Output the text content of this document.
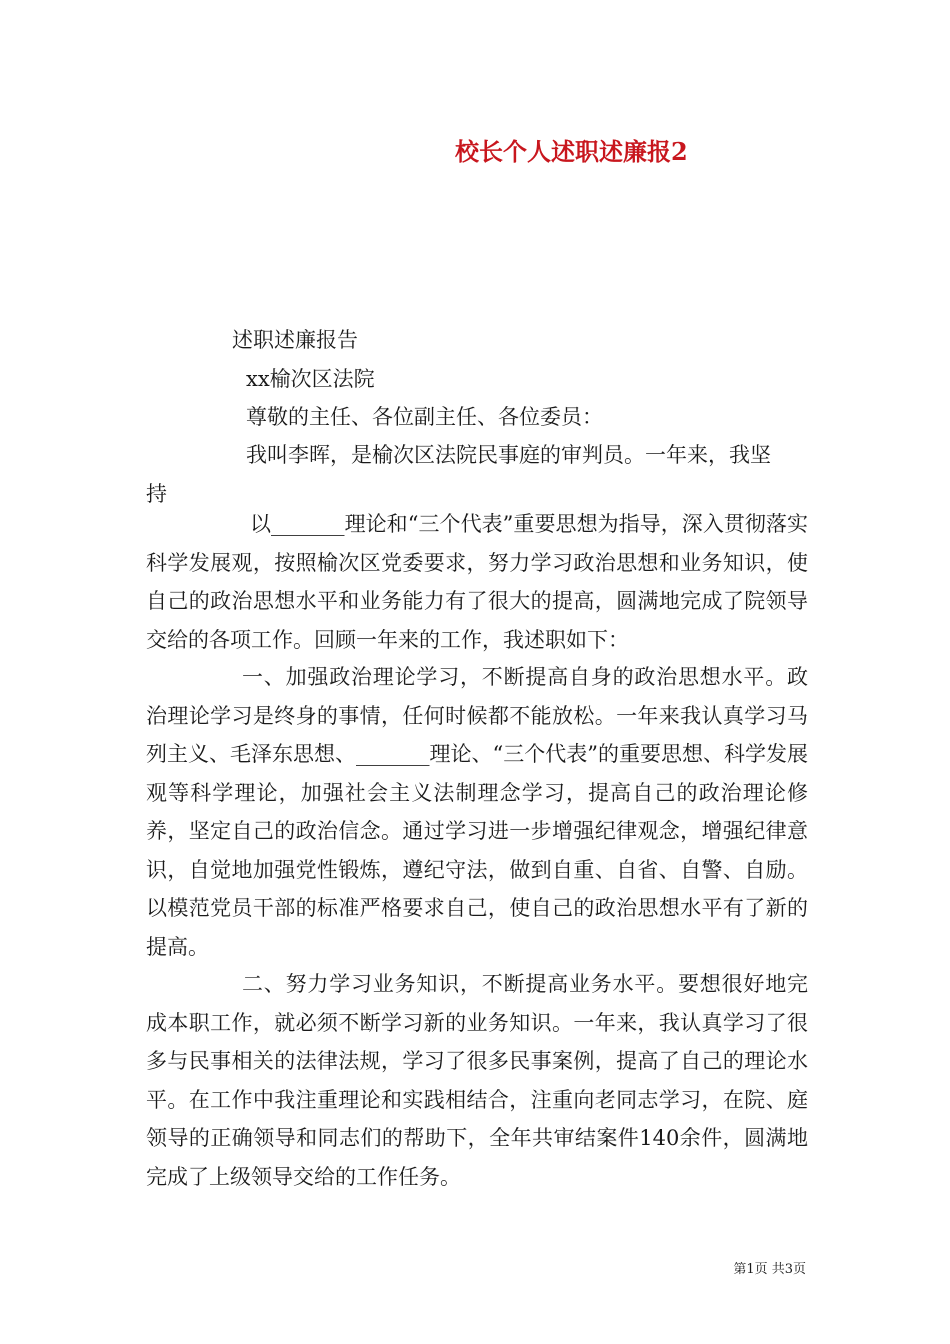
校长个人述职述廉报2
述职述廉报告
xx榆次区法院
尊敬的主任、各位副主任、各位委员：
我叫李晖，是榆次区法院民事庭的审判员。一年来，我坚
持
以_______理论和“三个代表”重要思想为指导，深入贯彻落实科学发展观，按照榆次区党委要求，努力学习政治思想和业务知识，使自己的政治思想水平和业务能力有了很大的提高，圆满地完成了院领导交给的各项工作。回顾一年来的工作，我述职如下：
一、加强政治理论学习，不断提高自身的政治思想水平。政治理论学习是终身的事情，任何时候都不能放松。一年来我认真学习马列主义、毛泽东思想、_______理论、“三个代表”的重要思想、科学发展观等科学理论，加强社会主义法制理念学习，提高自己的政治理论修养，坚定自己的政治信念。通过学习进一步增强纪律观念，增强纪律意识，自觉地加强党性锻炼，遵纪守法，做到自重、自省、自警、自励。以模范党员干部的标准严格要求自己，使自己的政治思想水平有了新的提高。
二、努力学习业务知识，不断提高业务水平。要想很好地完成本职工作，就必须不断学习新的业务知识。一年来，我认真学习了很多与民事相关的法律法规，学习了很多民事案例，提高了自己的理论水平。在工作中我注重理论和实践相结合，注重向老同志学习，在院、庭领导的正确领导和同志们的帮助下，全年共审结案件140余件，圆满地完成了上级领导交给的工作任务。
第1页 共3页
